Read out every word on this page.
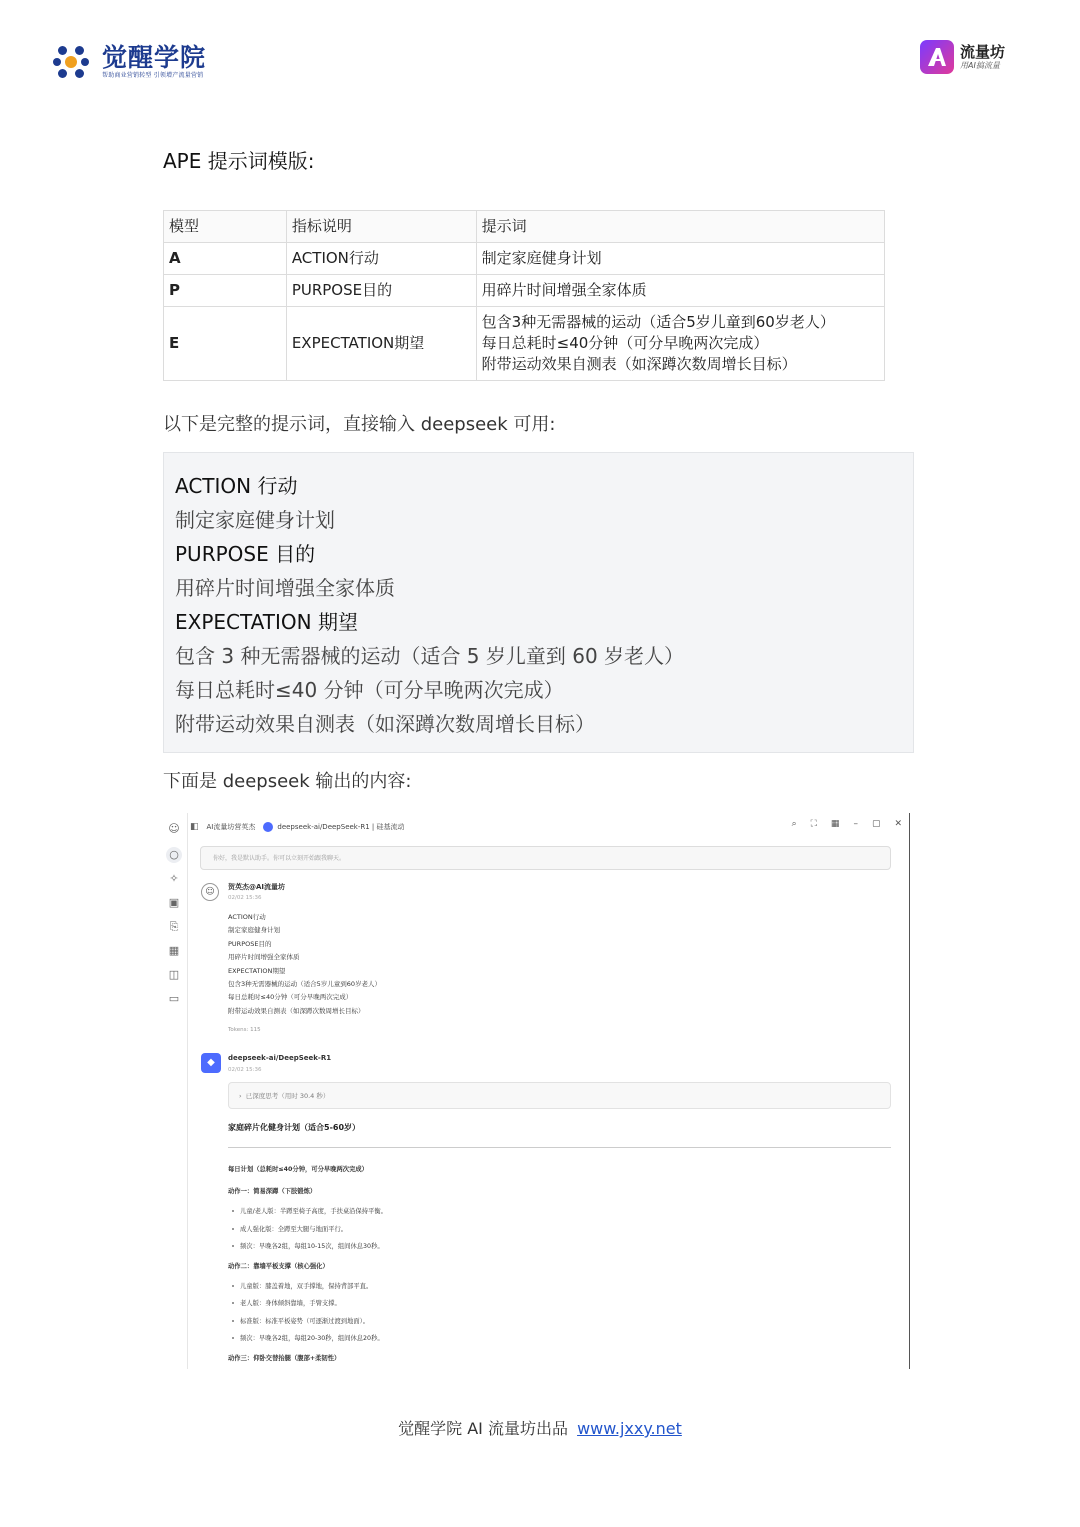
觉醒学院
帮助商业营销转型 引领增产流量营销
流量坊
用AI搞流量
APE 提示词模版:
模型	指标说明	提示词
A	ACTION行动	制定家庭健身计划
P	PURPOSE目的	用碎片时间增强全家体质
E	EXPECTATION期望	包含3种无需器械的运动（适合5岁儿童到60岁老人）
每日总耗时≤40分钟（可分早晚两次完成）
附带运动效果自测表（如深蹲次数周增长目标）
以下是完整的提示词，直接输入 deepseek 可用:
ACTION 行动
制定家庭健身计划
PURPOSE 目的
用碎片时间增强全家体质
EXPECTATION 期望
包含 3 种无需器械的运动（适合 5 岁儿童到 60 岁老人）
每日总耗时≤40 分钟（可分早晚两次完成）
附带运动效果自测表（如深蹲次数周增长目标）
下面是 deepseek 输出的内容:
☺
○
✧
▣
⎘
▦
◫
▭
◧ AI流量坊营英杰	deepseek-ai/DeepSeek-R1 | 硅基流动	⌕ ⛶ ▦ – ▢ ✕
你好，我是默认助手。你可以立刻开始跟我聊天。
☺	贺英杰@AI流量坊
02/02 15:36
ACTION行动
制定家庭健身计划
PURPOSE目的
用碎片时间增强全家体质
EXPECTATION期望
包含3种无需器械的运动（适合5岁儿童到60岁老人）
每日总耗时≤40分钟（可分早晚两次完成）
附带运动效果自测表（如深蹲次数周增长目标）
Tokens: 115
◆	deepseek-ai/DeepSeek-R1
02/02 15:36
› 已深度思考（用时 30.4 秒）
家庭碎片化健身计划（适合5-60岁）
每日计划（总耗时≤40分钟，可分早晚两次完成）
动作一：简易深蹲（下肢锻炼）
儿童/老人版：半蹲至椅子高度，手扶桌沿保持平衡。
成人强化版：全蹲至大腿与地面平行。
频次：早晚各2组，每组10-15次，组间休息30秒。
动作二：靠墙平板支撑（核心强化）
儿童版：膝盖着地，双手撑地，保持背部平直。
老人版：身体倾斜靠墙，手臂支撑。
标准版：标准平板姿势（可逐渐过渡到地面）。
频次：早晚各2组，每组20-30秒，组间休息20秒。
动作三：仰卧交替抬腿（腹部+柔韧性）
觉醒学院 AI 流量坊出品 www.jxxy.net
